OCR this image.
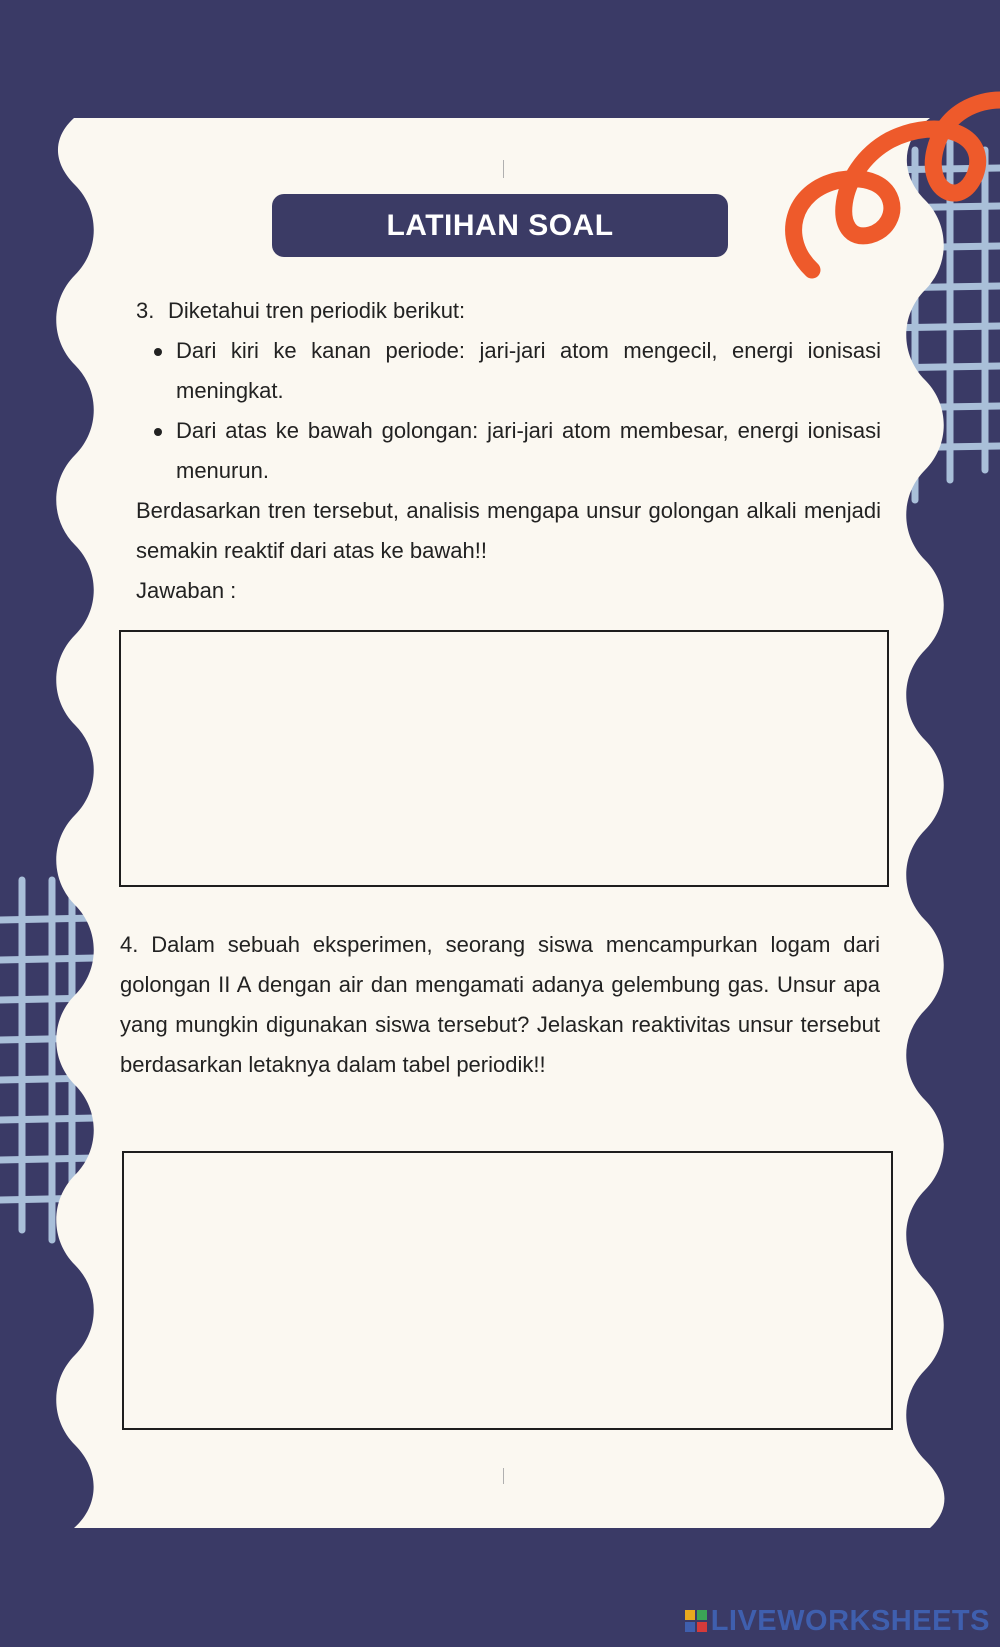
LATIHAN SOAL
3. Diketahui tren periodik berikut:
Dari kiri ke kanan periode: jari-jari atom mengecil, energi ionisasi meningkat.
Dari atas ke bawah golongan: jari-jari atom membesar, energi ionisasi menurun.
Berdasarkan tren tersebut, analisis mengapa unsur golongan alkali menjadi semakin reaktif dari atas ke bawah!!
Jawaban :
4. Dalam sebuah eksperimen, seorang siswa mencampurkan logam dari golongan II A dengan air dan mengamati adanya gelembung gas. Unsur apa yang mungkin digunakan siswa tersebut? Jelaskan reaktivitas unsur tersebut berdasarkan letaknya dalam tabel periodik!!
LIVEWORKSHEETS
